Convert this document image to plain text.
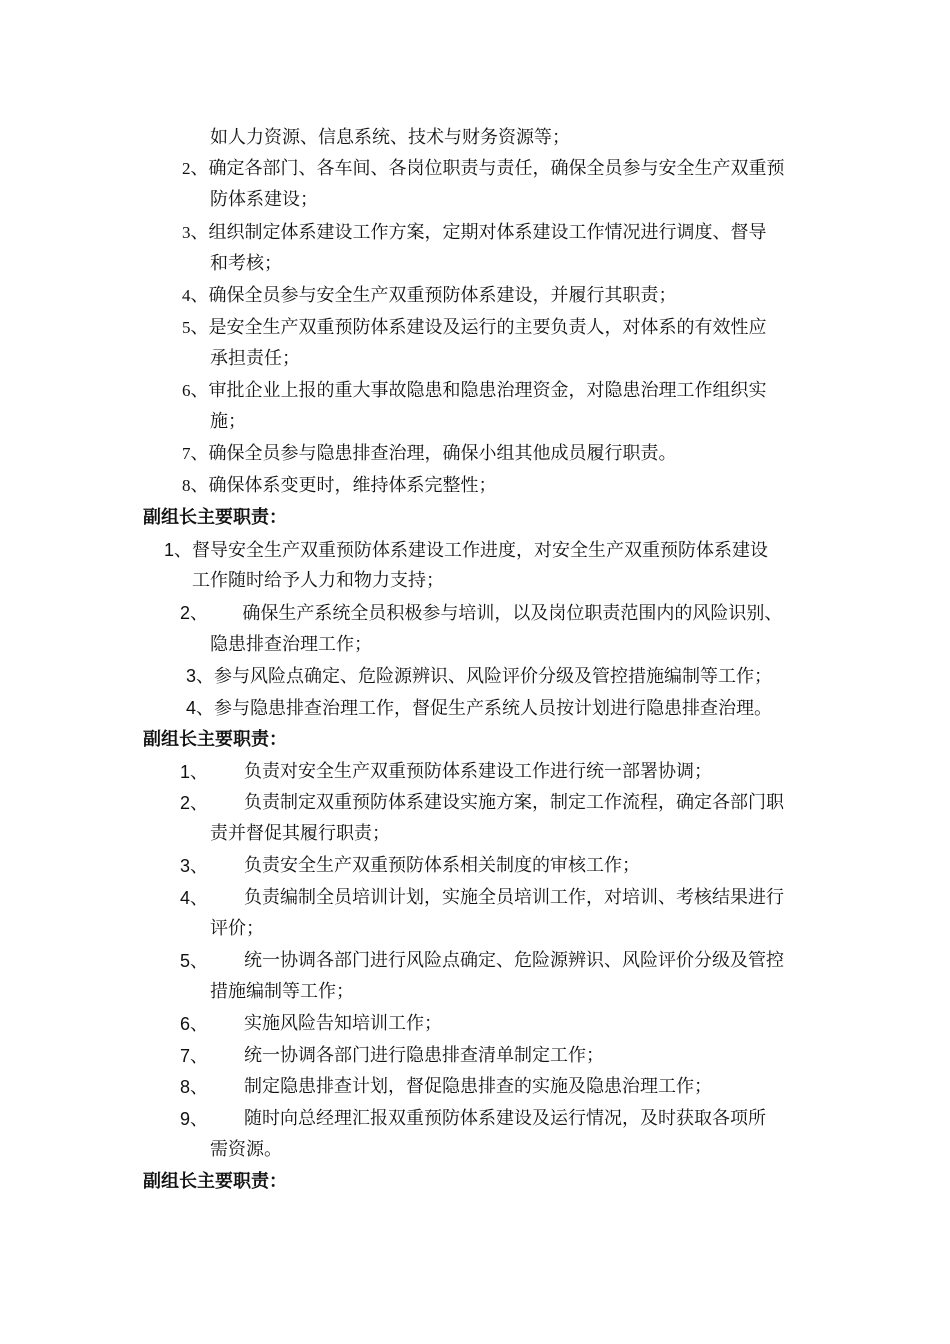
如人力资源、信息系统、技术与财务资源等；
2、确定各部门、各车间、各岗位职责与责任，确保全员参与安全生产双重预
防体系建设；
3、组织制定体系建设工作方案，定期对体系建设工作情况进行调度、督导
和考核；
4、确保全员参与安全生产双重预防体系建设，并履行其职责；
5、是安全生产双重预防体系建设及运行的主要负责人，对体系的有效性应
承担责任；
6、审批企业上报的重大事故隐患和隐患治理资金，对隐患治理工作组织实
施；
7、确保全员参与隐患排查治理，确保小组其他成员履行职责。
8、确保体系变更时，维持体系完整性；
副组长主要职责：
1、督导安全生产双重预防体系建设工作进度，对安全生产双重预防体系建设
工作随时给予人力和物力支持；
2、      确保生产系统全员积极参与培训，以及岗位职责范围内的风险识别、
隐患排查治理工作；
3、参与风险点确定、危险源辨识、风险评价分级及管控措施编制等工作；
4、参与隐患排查治理工作，督促生产系统人员按计划进行隐患排查治理。
副组长主要职责：
1、 负责对安全生产双重预防体系建设工作进行统一部署协调；
2、 负责制定双重预防体系建设实施方案，制定工作流程，确定各部门职
责并督促其履行职责；
3、 负责安全生产双重预防体系相关制度的审核工作；
4、 负责编制全员培训计划，实施全员培训工作，对培训、考核结果进行
评价；
5、 统一协调各部门进行风险点确定、危险源辨识、风险评价分级及管控
措施编制等工作；
6、 实施风险告知培训工作；
7、 统一协调各部门进行隐患排查清单制定工作；
8、 制定隐患排查计划，督促隐患排查的实施及隐患治理工作；
9、 随时向总经理汇报双重预防体系建设及运行情况，及时获取各项所
需资源。
副组长主要职责：
